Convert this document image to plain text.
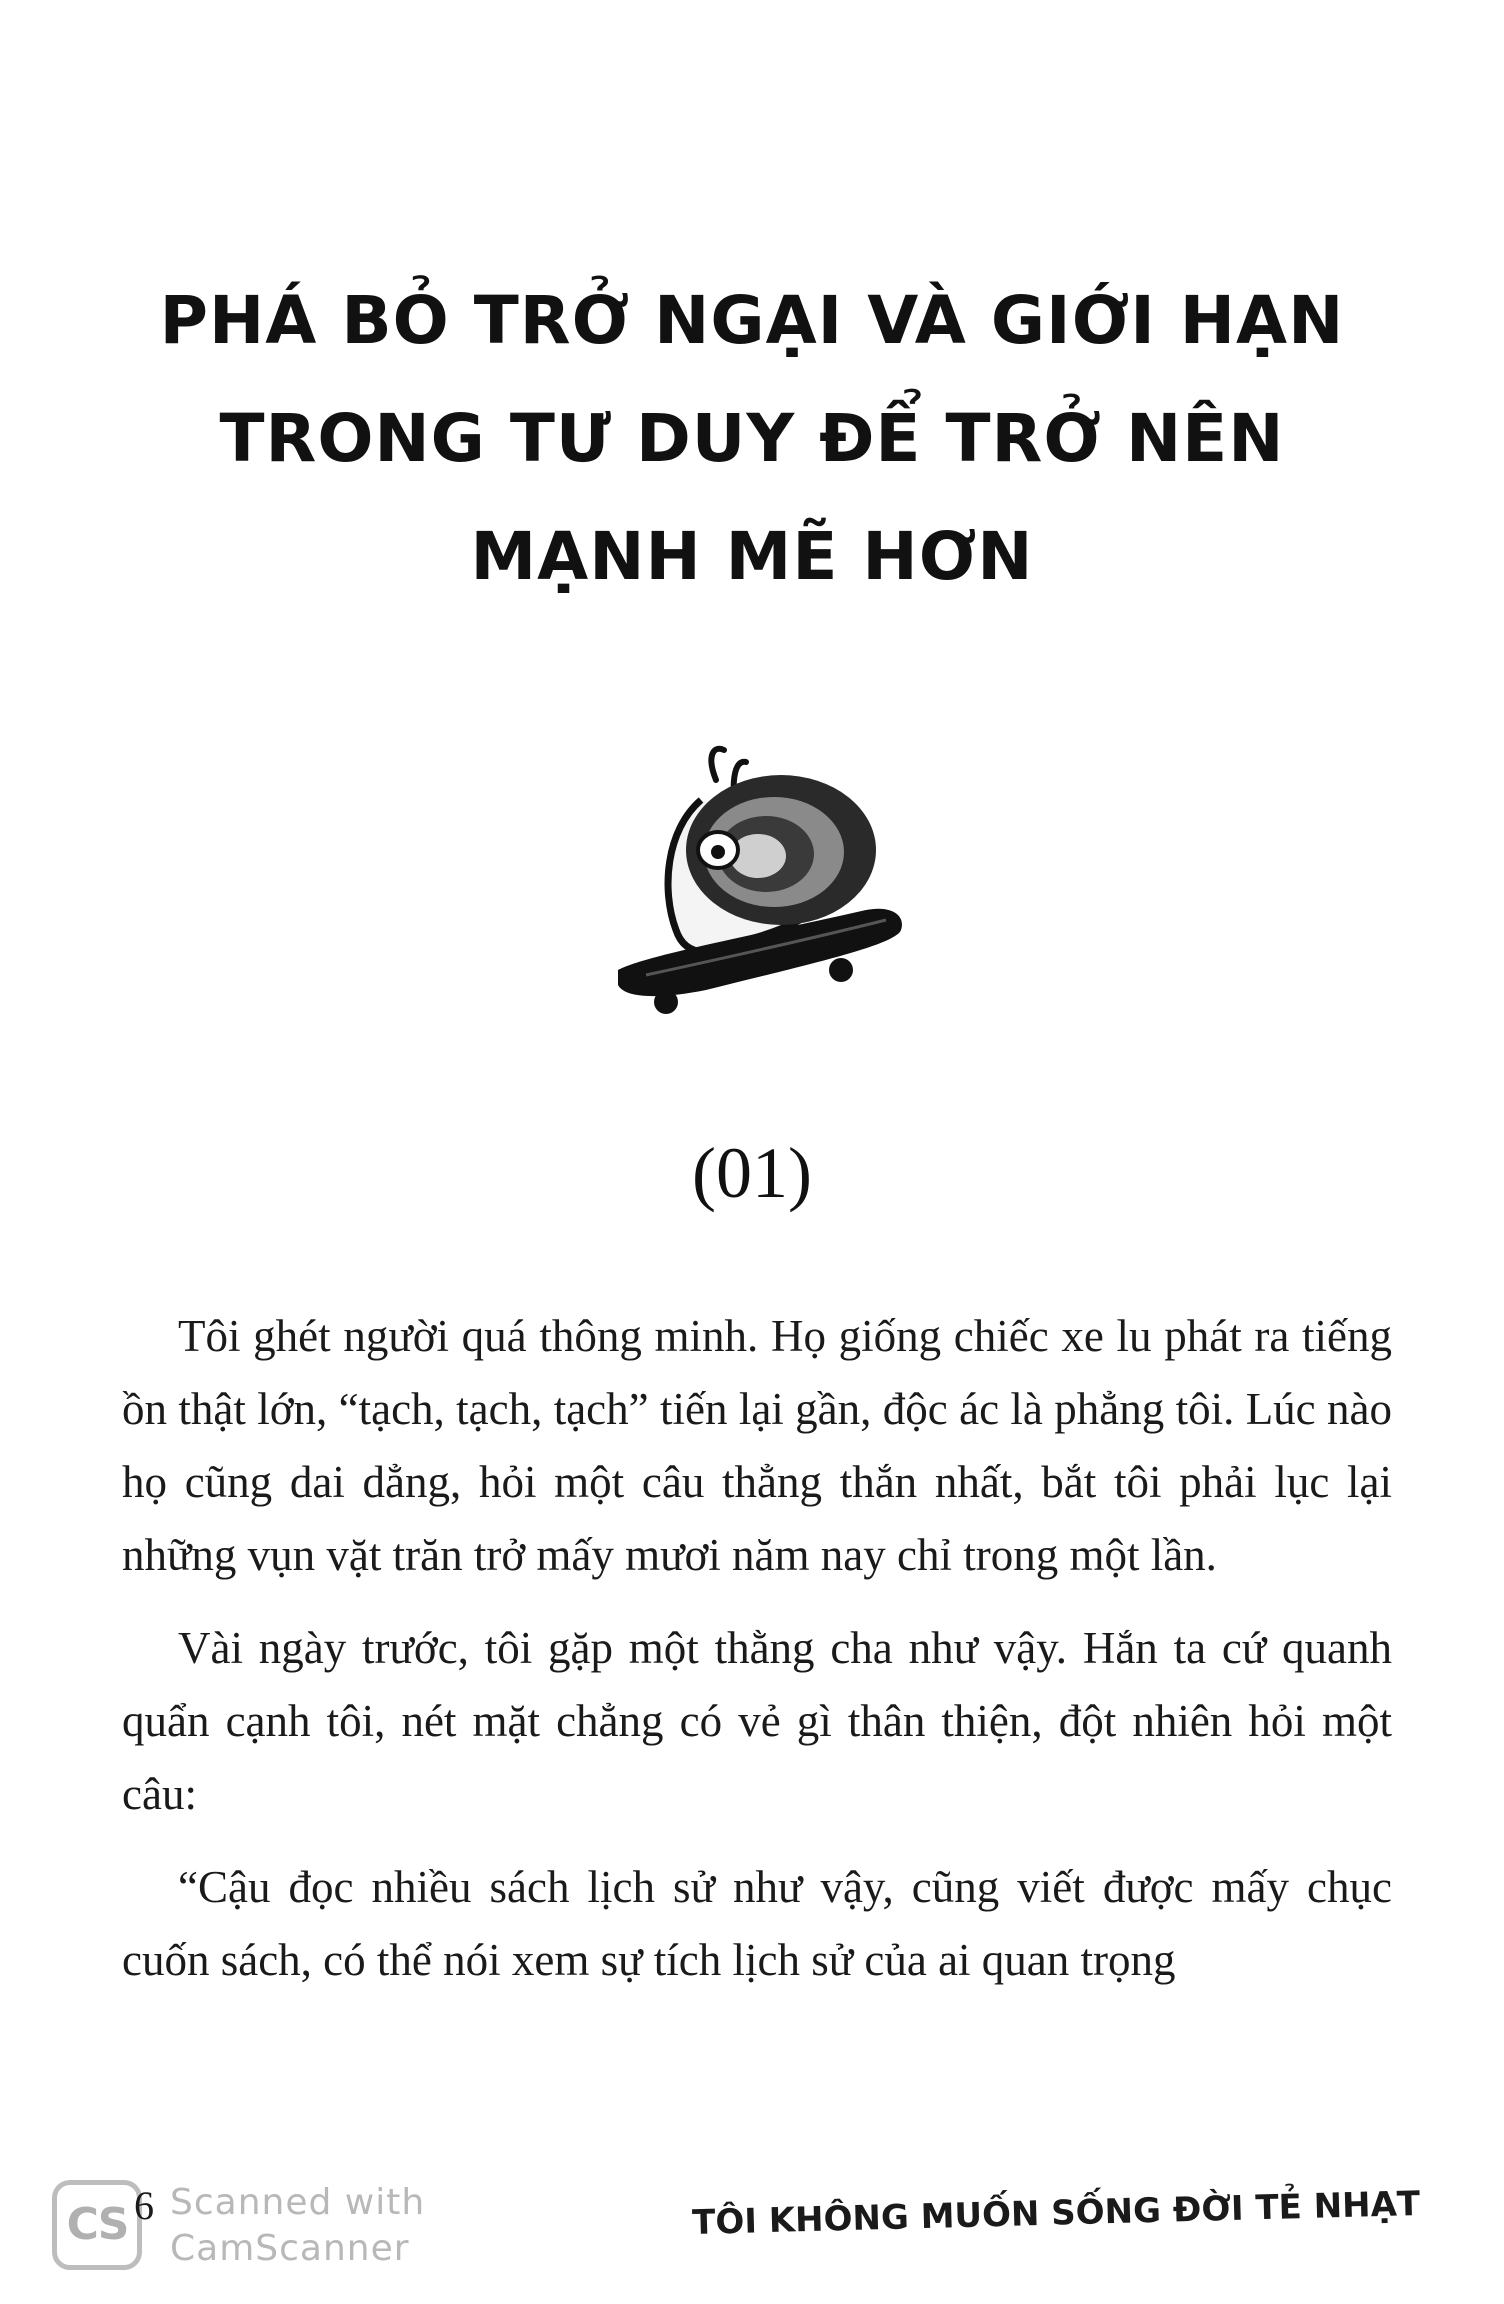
PHÁ BỎ TRỞ NGẠI VÀ GIỚI HẠN
TRONG TƯ DUY ĐỂ TRỞ NÊN
MẠNH MẼ HƠN
(01)

Tôi ghét người quá thông minh. Họ giống chiếc xe lu phát ra tiếng ồn thật lớn, “tạch, tạch, tạch” tiến lại gần, độc ác là phẳng tôi. Lúc nào họ cũng dai dẳng, hỏi một câu thẳng thắn nhất, bắt tôi phải lục lại những vụn vặt trăn trở mấy mươi năm nay chỉ trong một lần.

Vài ngày trước, tôi gặp một thằng cha như vậy. Hắn ta cứ quanh quẩn cạnh tôi, nét mặt chẳng có vẻ gì thân thiện, đột nhiên hỏi một câu:

“Cậu đọc nhiều sách lịch sử như vậy, cũng viết được mấy chục cuốn sách, có thể nói xem sự tích lịch sử của ai quan trọng

CS 6 Scanned with
CamScanner
TÔI KHÔNG MUỐN SỐNG ĐỜI TẺ NHẠT
